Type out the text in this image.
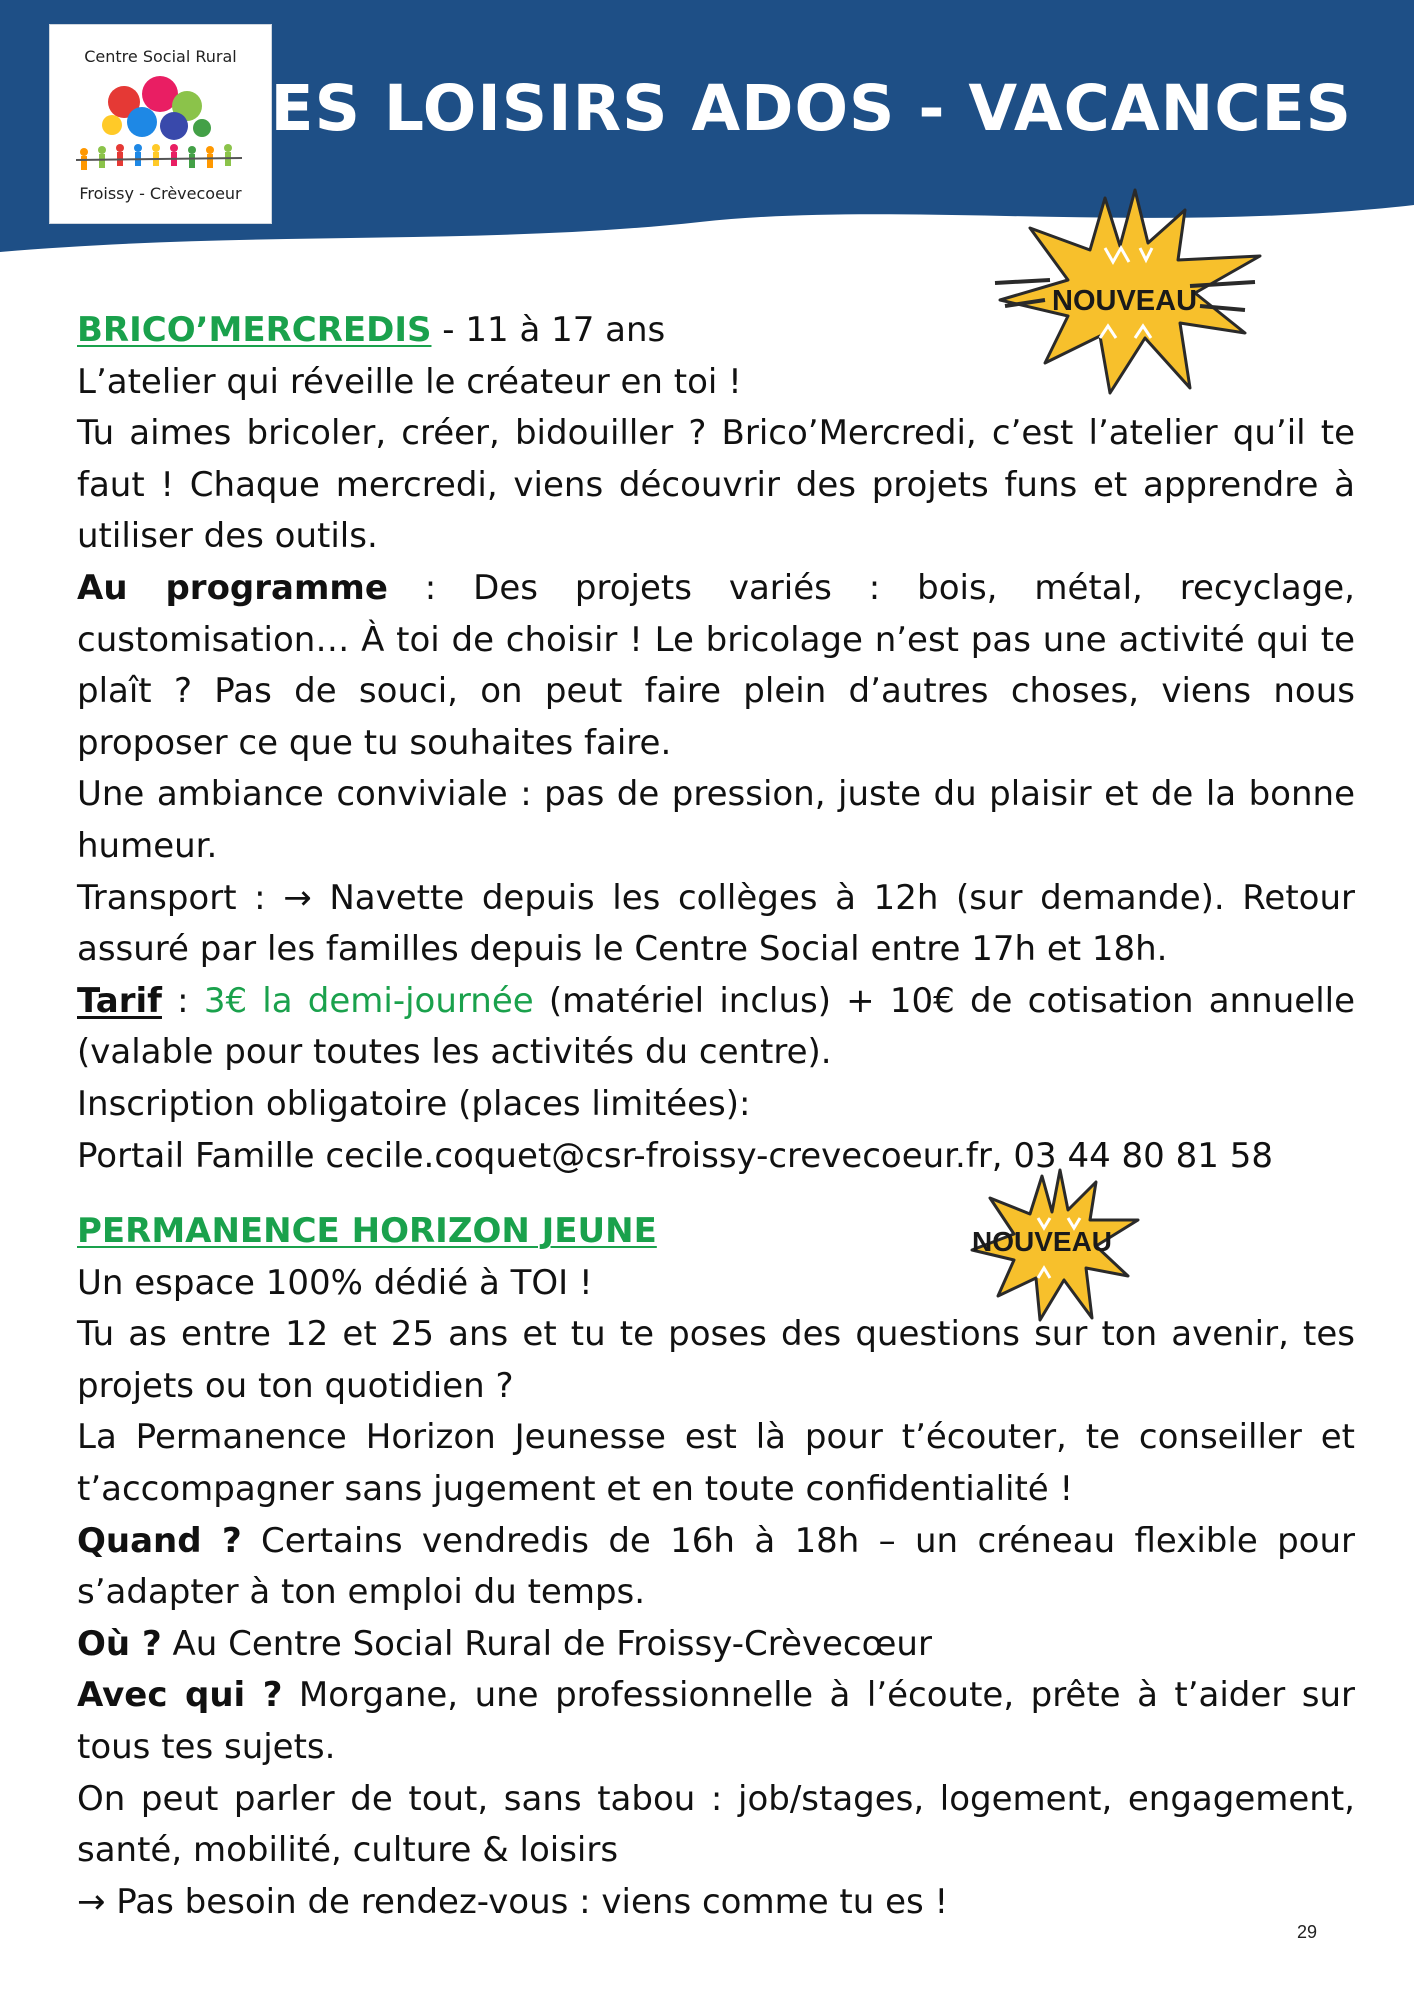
Centre Social Rural
Froissy - Crèvecoeur
LES LOISIRS ADOS - VACANCES
NOUVEAU
NOUVEAU

BRICO’MERCREDIS - 11 à 17 ans

L’atelier qui réveille le créateur en toi !

Tu aimes bricoler, créer, bidouiller ? Brico’Mercredi, c’est l’atelier qu’il te faut ! Chaque mercredi, viens découvrir des projets funs et apprendre à utiliser des outils.

Au programme : Des projets variés : bois, métal, recyclage, customisation… À toi de choisir ! Le bricolage n’est pas une activité qui te plaît ? Pas de souci, on peut faire plein d’autres choses, viens nous proposer ce que tu souhaites faire.

Une ambiance conviviale : pas de pression, juste du plaisir et de la bonne humeur.

Transport : → Navette depuis les collèges à 12h (sur demande). Retour assuré par les familles depuis le Centre Social entre 17h et 18h.

Tarif : 3€ la demi-journée (matériel inclus) + 10€ de cotisation annuelle (valable pour toutes les activités du centre).

Inscription obligatoire (places limitées):

Portail Famille cecile.coquet@csr-froissy-crevecoeur.fr, 03 44 80 81 58

PERMANENCE HORIZON JEUNE

Un espace 100% dédié à TOI !

Tu as entre 12 et 25 ans et tu te poses des questions sur ton avenir, tes projets ou ton quotidien ?

La Permanence Horizon Jeunesse est là pour t’écouter, te conseiller et t’accompagner sans jugement et en toute confidentialité !

Quand ? Certains vendredis de 16h à 18h – un créneau flexible pour s’adapter à ton emploi du temps.

Où ? Au Centre Social Rural de Froissy-Crèvecœur

Avec qui ? Morgane, une professionnelle à l’écoute, prête à t’aider sur tous tes sujets.

On peut parler de tout, sans tabou : job/stages, logement, engagement, santé, mobilité, culture & loisirs

→ Pas besoin de rendez-vous : viens comme tu es !

29
